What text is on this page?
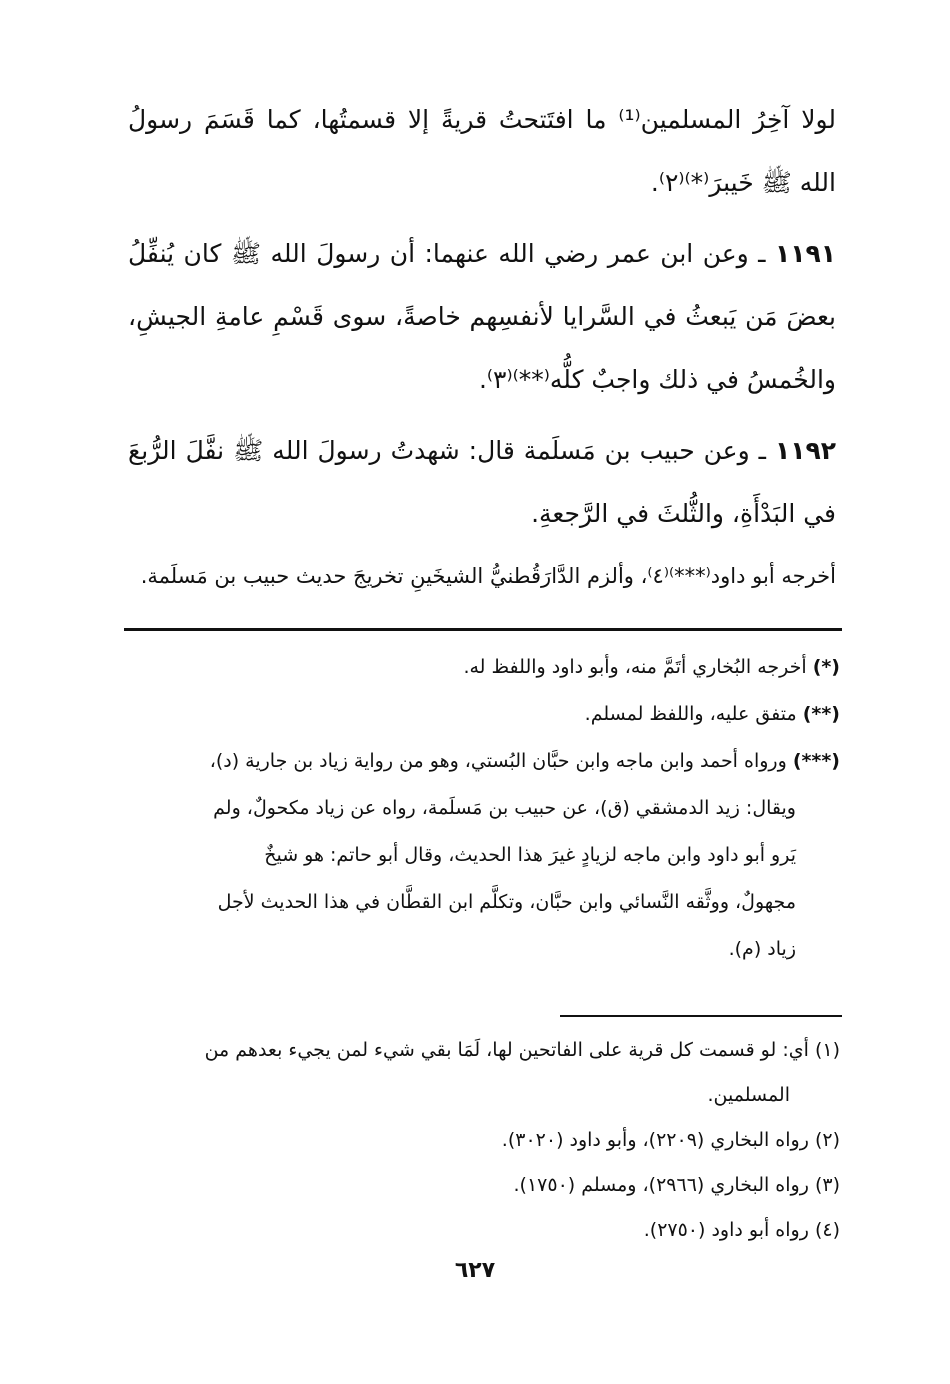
لولا آخِرُ المسلمين⁽¹⁾ ما افتَتحتُ قريةً إلا قسمتُها، كما قَسَمَ رسولُ الله ﷺ خَيبرَ⁽*⁾⁽٢⁾.

١١٩١ ـ وعن ابن عمر رضي الله عنهما: أن رسولَ الله ﷺ كان يُنفِّلُ بعضَ مَن يَبعثُ في السَّرايا لأنفسِهم خاصةً، سوى قَسْمِ عامةِ الجيشِ، والخُمسُ في ذلك واجبٌ كلُّه⁽**⁾⁽٣⁾.

١١٩٢ ـ وعن حبيب بن مَسلَمة قال: شهدتُ رسولَ الله ﷺ نفَّلَ الرُّبعَ في البَدْأَةِ، والثُّلثَ في الرَّجعةِ.

أخرجه أبو داود⁽***⁾⁽٤⁾، وألزم الدَّارَقُطنيُّ الشيخَينِ تخريجَ حديث حبيب بن مَسلَمة.

(*) أخرجه البُخاري أتَمَّ منه، وأبو داود واللفظ له.

(**) متفق عليه، واللفظ لمسلم.

(***) ورواه أحمد وابن ماجه وابن حبَّان البُستي، وهو من رواية زياد بن جارية (د)،

ويقال: زيد الدمشقي (ق)، عن حبيب بن مَسلَمة، رواه عن زياد مكحولٌ، ولم

يَرو أبو داود وابن ماجه لزيادٍ غيرَ هذا الحديث، وقال أبو حاتم: هو شيخٌ

مجهولٌ، ووثَّقه النَّسائي وابن حبَّان، وتكلَّم ابن القطَّان في هذا الحديث لأجل

زياد (م).

(١) أي: لو قسمت كل قرية على الفاتحين لها، لَمَا بقي شيء لمن يجيء بعدهم من

المسلمين.

(٢) رواه البخاري (٢٢٠٩)، وأبو داود (٣٠٢٠).

(٣) رواه البخاري (٢٩٦٦)، ومسلم (١٧٥٠).

(٤) رواه أبو داود (٢٧٥٠).

٦٢٧
